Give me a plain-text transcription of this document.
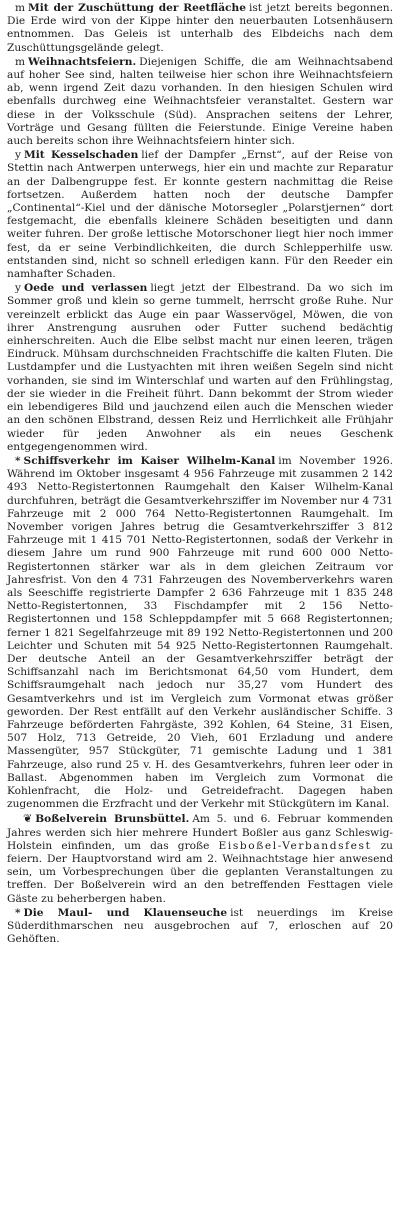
m Mit der Zuschüttung der Reetfläche ist jetzt bereits begonnen. Die Erde wird von der Kippe hinter den neuerbauten Lotsenhäusern entnommen. Das Geleis ist unterhalb des Elbdeichs nach dem Zuschüttungsgelände gelegt.

m Weihnachtsfeiern. Diejenigen Schiffe, die am Weihnachtsabend auf hoher See sind, halten teilweise hier schon ihre Weihnachtsfeiern ab, wenn irgend Zeit dazu vorhanden. In den hiesigen Schulen wird ebenfalls durchweg eine Weihnachtsfeier veranstaltet. Gestern war diese in der Volksschule (Süd). Ansprachen seitens der Lehrer, Vorträge und Gesang füllten die Feierstunde. Einige Vereine haben auch bereits schon ihre Weihnachtsfeiern hinter sich.

y Mit Kesselschaden lief der Dampfer „Ernst“, auf der Reise von Stettin nach Antwerpen unterwegs, hier ein und machte zur Reparatur an der Dalbengruppe fest. Er konnte gestern nachmittag die Reise fortsetzen. Außerdem hatten noch der deutsche Dampfer „Continental“-Kiel und der dänische Motorsegler „Polarstjernen“ dort festgemacht, die ebenfalls kleinere Schäden beseitigten und dann weiter fuhren. Der große lettische Motorschoner liegt hier noch immer fest, da er seine Verbindlichkeiten, die durch Schlepperhilfe usw. entstanden sind, nicht so schnell erledigen kann. Für den Reeder ein namhafter Schaden.

y Oede und verlassen liegt jetzt der Elbestrand. Da wo sich im Sommer groß und klein so gerne tummelt, herrscht große Ruhe. Nur vereinzelt erblickt das Auge ein paar Wasservögel, Möwen, die von ihrer Anstrengung ausruhen oder Futter suchend bedächtig einherschreiten. Auch die Elbe selbst macht nur einen leeren, trägen Eindruck. Mühsam durchschneiden Frachtschiffe die kalten Fluten. Die Lustdampfer und die Lustyachten mit ihren weißen Segeln sind nicht vorhanden, sie sind im Winterschlaf und warten auf den Frühlingstag, der sie wieder in die Freiheit führt. Dann bekommt der Strom wieder ein lebendigeres Bild und jauchzend eilen auch die Menschen wieder an den schönen Elbstrand, dessen Reiz und Herrlichkeit alle Frühjahr wieder für jeden Anwohner als ein neues Geschenk entgegengenommen wird.

* Schiffsverkehr im Kaiser Wilhelm-Kanal im November 1926. Während im Oktober insgesamt 4 956 Fahrzeuge mit zusammen 2 142 493 Netto-Registertonnen Raumgehalt den Kaiser Wilhelm-Kanal durchfuhren, beträgt die Gesamtverkehrsziffer im November nur 4 731 Fahrzeuge mit 2 000 764 Netto-Registertonnen Raumgehalt. Im November vorigen Jahres betrug die Gesamtverkehrsziffer 3 812 Fahrzeuge mit 1 415 701 Netto-Registertonnen, sodaß der Verkehr in diesem Jahre um rund 900 Fahrzeuge mit rund 600 000 Netto-Registertonnen stärker war als in dem gleichen Zeitraum vor Jahresfrist. Von den 4 731 Fahrzeugen des Novemberverkehrs waren als Seeschiffe registrierte Dampfer 2 636 Fahrzeuge mit 1 835 248 Netto-Registertonnen, 33 Fischdampfer mit 2 156 Netto-Registertonnen und 158 Schleppdampfer mit 5 668 Registertonnen; ferner 1 821 Segelfahrzeuge mit 89 192 Netto-Registertonnen und 200 Leichter und Schuten mit 54 925 Netto-Registertonnen Raumgehalt. Der deutsche Anteil an der Gesamtverkehrsziffer beträgt der Schiffsanzahl nach im Berichtsmonat 64,50 vom Hundert, dem Schiffsraumgehalt nach jedoch nur 35,27 vom Hundert des Gesamtverkehrs und ist im Vergleich zum Vormonat etwas größer geworden. Der Rest entfällt auf den Verkehr ausländischer Schiffe. 3 Fahrzeuge beförderten Fahrgäste, 392 Kohlen, 64 Steine, 31 Eisen, 507 Holz, 713 Getreide, 20 Vieh, 601 Erzladung und andere Massengüter, 957 Stückgüter, 71 gemischte Ladung und 1 381 Fahrzeuge, also rund 25 v. H. des Gesamtverkehrs, fuhren leer oder in Ballast. Abgenommen haben im Vergleich zum Vormonat die Kohlenfracht, die Holz- und Getreidefracht. Dagegen haben zugenommen die Erzfracht und der Verkehr mit Stückgütern im Kanal.

❦ Boßelverein Brunsbüttel. Am 5. und 6. Februar kommenden Jahres werden sich hier mehrere Hundert Boßler aus ganz Schleswig-Holstein einfinden, um das große Eisboßel-Verbandsfest zu feiern. Der Hauptvorstand wird am 2. Weihnachtstage hier anwesend sein, um Vorbesprechungen über die geplanten Veranstaltungen zu treffen. Der Boßelverein wird an den betreffenden Festtagen viele Gäste zu beherbergen haben.

* Die Maul- und Klauenseuche ist neuerdings im Kreise Süderdithmarschen neu ausgebrochen auf 7, erloschen auf 20 Gehöften.
